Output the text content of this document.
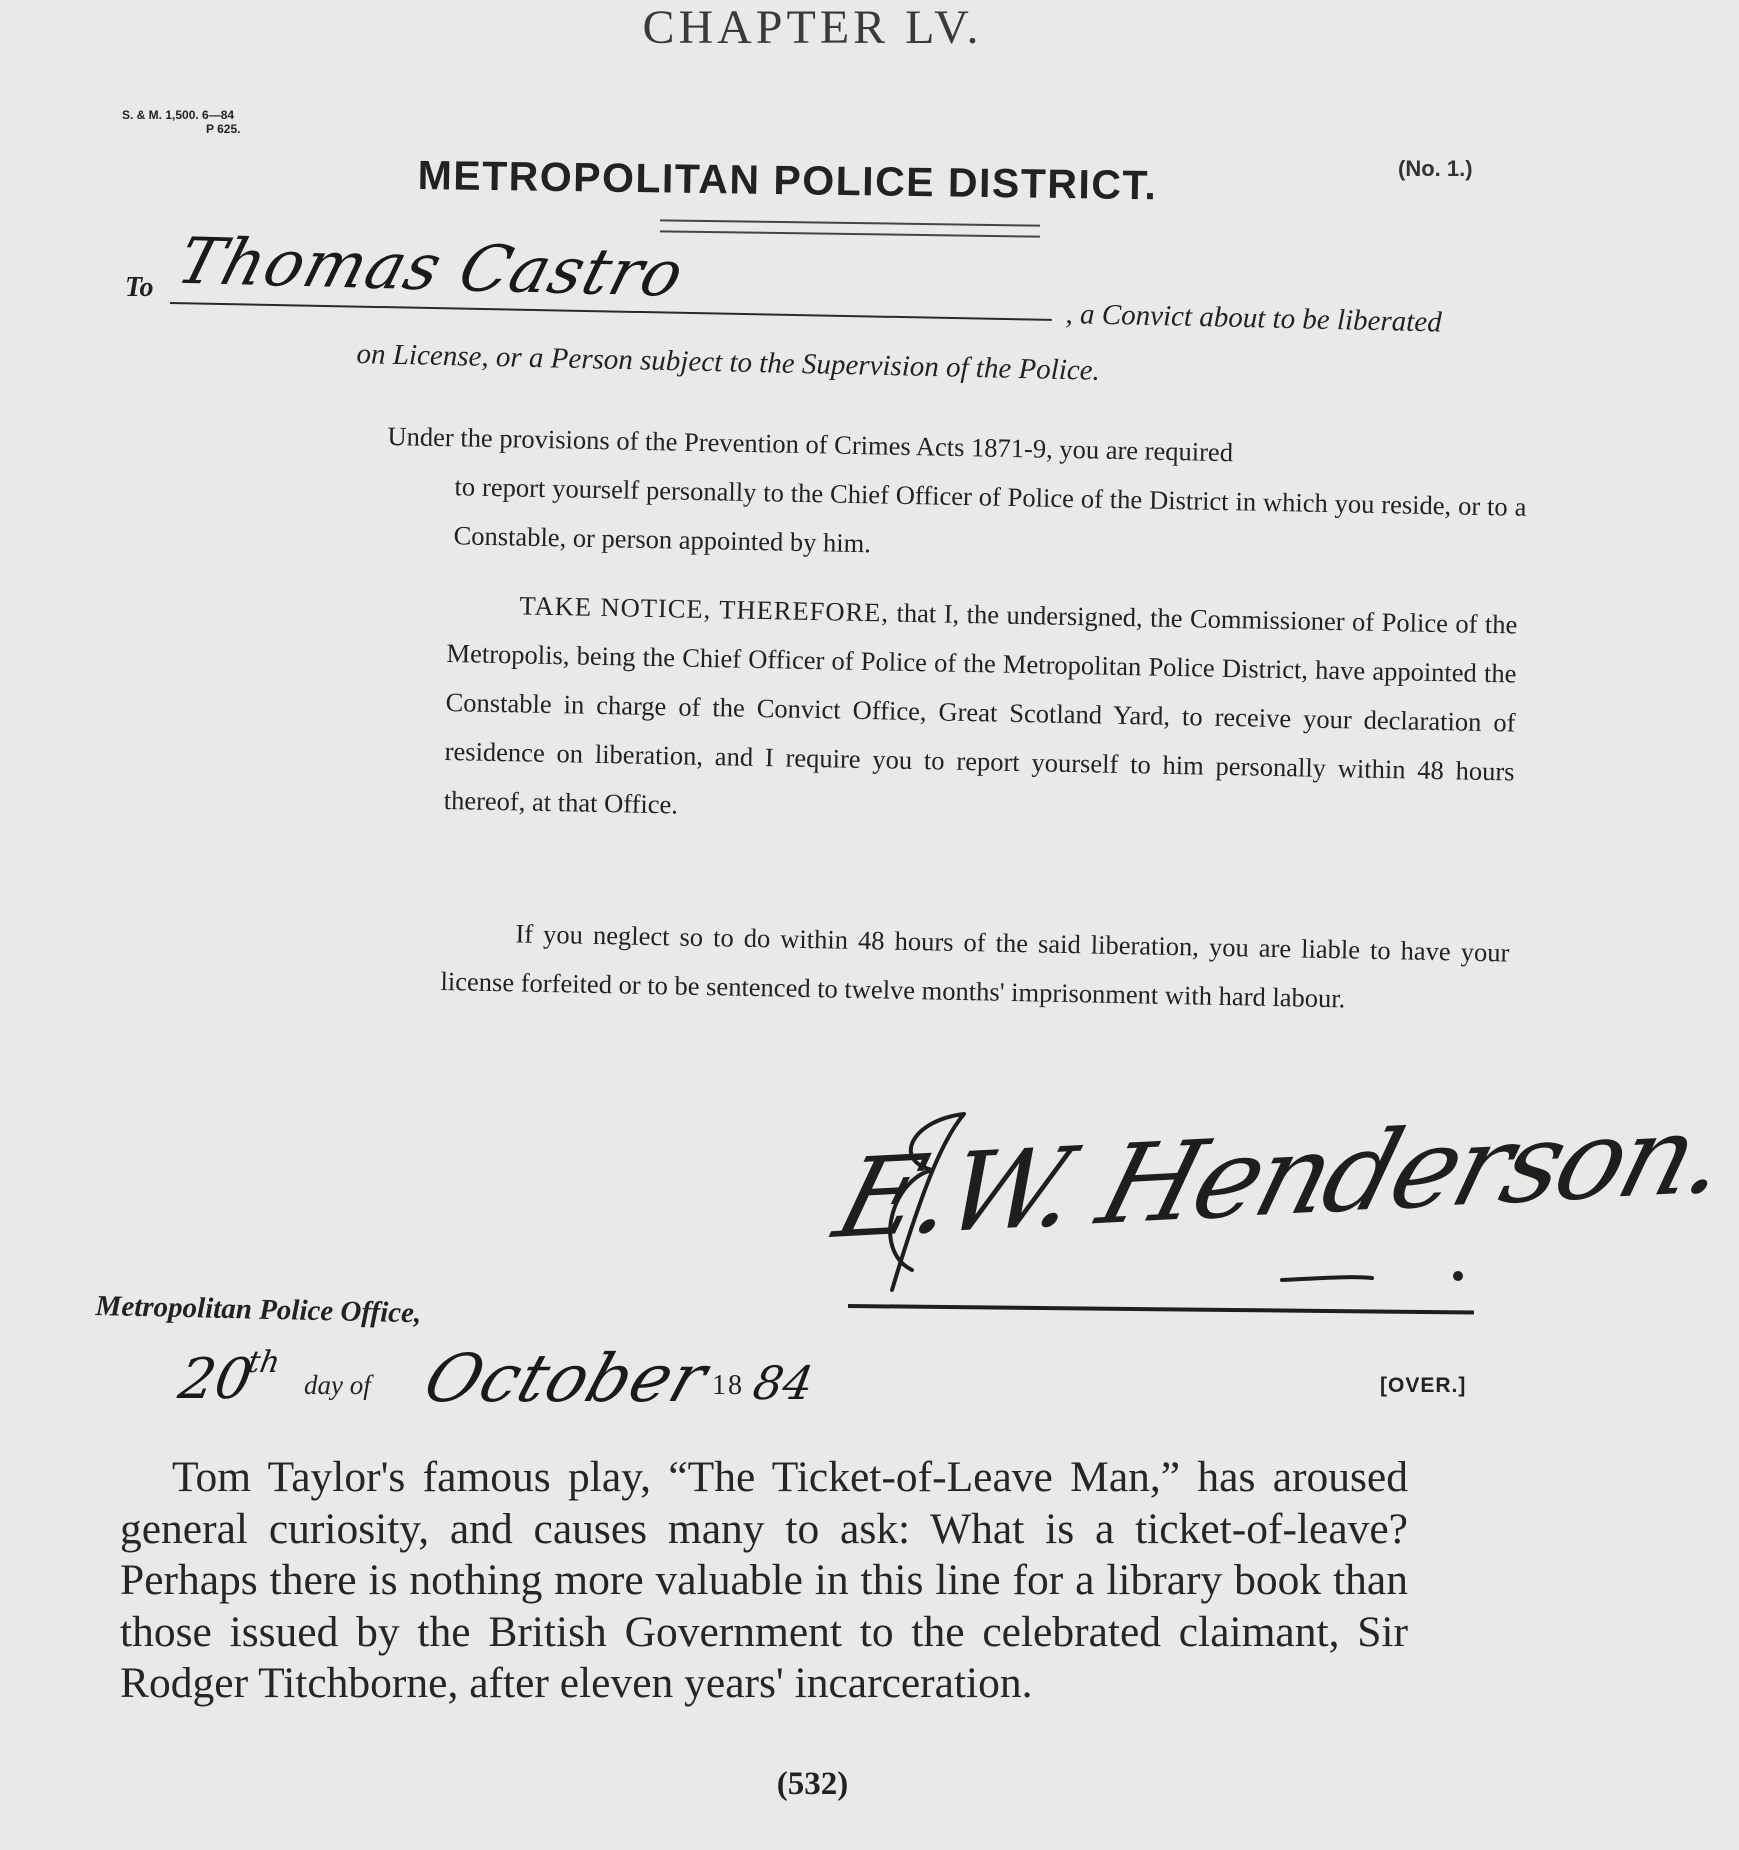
CHAPTER LV.
S. & M. 1,500. 6—84
P 625.
METROPOLITAN POLICE DISTRICT.	(No. 1.)
To Thomas Castro
, a Convict about to be liberated
on License, or a Person subject to the Supervision of the Police.

Under the provisions of the Prevention of Crimes Acts 1871-9, you are required

to report yourself personally to the Chief Officer of Police of the District in which you reside, or to a Constable, or person appointed by him.

TAKE NOTICE, THEREFORE, that I, the undersigned, the Commissioner of Police of the Metropolis, being the Chief Officer of Police of the Metropolitan Police District, have appointed the Constable in charge of the Convict Office, Great Scotland Yard, to receive your declaration of residence on liberation, and I require you to report yourself to him personally within 48 hours thereof, at that Office.

If you neglect so to do within 48 hours of the said liberation, you are liable to have your license forfeited or to be sentenced to twelve months' imprisonment with hard labour.

E.W. Henderson.
Metropolitan Police Office,
20th
day of October
18 84	[OVER.]

Tom Taylor's famous play, “The Ticket-of-Leave Man,” has aroused general curiosity, and causes many to ask: What is a ticket-of-leave? Perhaps there is nothing more valuable in this line for a library book than those issued by the British Government to the celebrated claimant, Sir Rodger Titchborne, after eleven years' incarceration.

(532)
